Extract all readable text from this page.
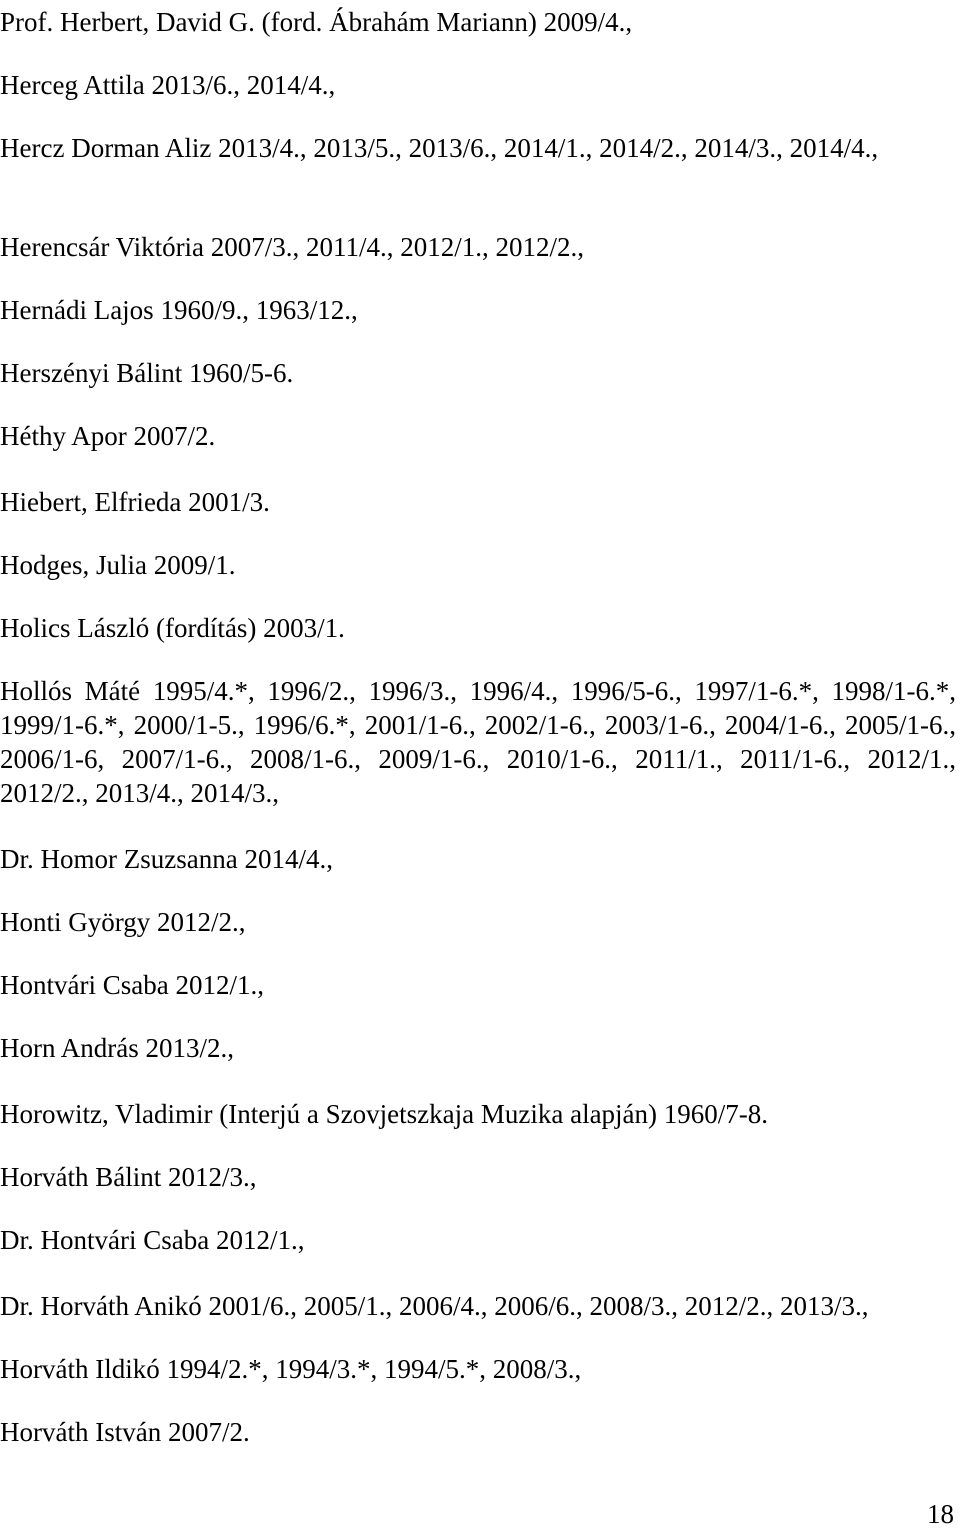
Prof. Herbert, David G. (ford. Ábrahám Mariann) 2009/4.,

Herceg Attila 2013/6., 2014/4.,

Hercz Dorman Aliz 2013/4., 2013/5., 2013/6., 2014/1., 2014/2., 2014/3., 2014/4.,

Herencsár Viktória 2007/3., 2011/4., 2012/1., 2012/2.,

Hernádi Lajos 1960/9., 1963/12.,

Herszényi Bálint 1960/5-6.

Héthy Apor 2007/2.

Hiebert, Elfrieda 2001/3.

Hodges, Julia 2009/1.

Holics László (fordítás) 2003/1.

Hollós Máté 1995/4.*, 1996/2., 1996/3., 1996/4., 1996/5-6., 1997/1-6.*, 1998/1-6.*, 1999/1-6.*, 2000/1-5., 1996/6.*, 2001/1-6., 2002/1-6., 2003/1-6., 2004/1-6., 2005/1-6., 2006/1-6, 2007/1-6., 2008/1-6., 2009/1-6., 2010/1-6., 2011/1., 2011/1-6., 2012/1., 2012/2., 2013/4., 2014/3.,

Dr. Homor Zsuzsanna 2014/4.,

Honti György 2012/2.,

Hontvári Csaba 2012/1.,

Horn András 2013/2.,

Horowitz, Vladimir (Interjú a Szovjetszkaja Muzika alapján) 1960/7-8.

Horváth Bálint 2012/3.,

Dr. Hontvári Csaba 2012/1.,

Dr. Horváth Anikó 2001/6., 2005/1., 2006/4., 2006/6., 2008/3., 2012/2., 2013/3.,

Horváth Ildikó 1994/2.*, 1994/3.*, 1994/5.*, 2008/3.,

Horváth István 2007/2.

18
